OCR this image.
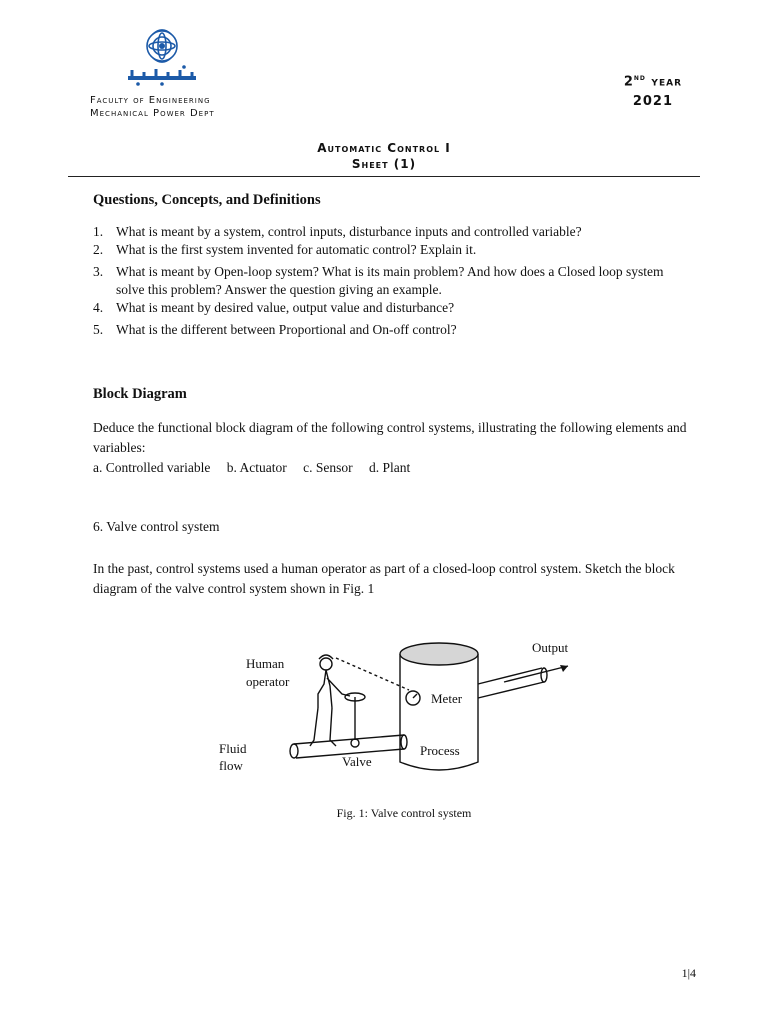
Faculty of Engineering
Mechanical Power Dept
2nd year
2021
Automatic Control I
Sheet (1)
Questions, Concepts, and Definitions
1. What is meant by a system, control inputs, disturbance inputs and controlled variable?
2. What is the first system invented for automatic control? Explain it.
3. What is meant by Open-loop system? What is its main problem? And how does a Closed loop system solve this problem? Answer the question giving an example.
4. What is meant by desired value, output value and disturbance?
5. What is the different between Proportional and On-off control?
Block Diagram
Deduce the functional block diagram of the following control systems, illustrating the following elements and variables:
a. Controlled variable b. Actuator c. Sensor d. Plant
6. Valve control system
In the past, control systems used a human operator as part of a closed-loop control system. Sketch the block diagram of the valve control system shown in Fig. 1
Human
operator
Fluid
flow	Valve
Meter
Process
Output
Fig. 1: Valve control system
1|4
